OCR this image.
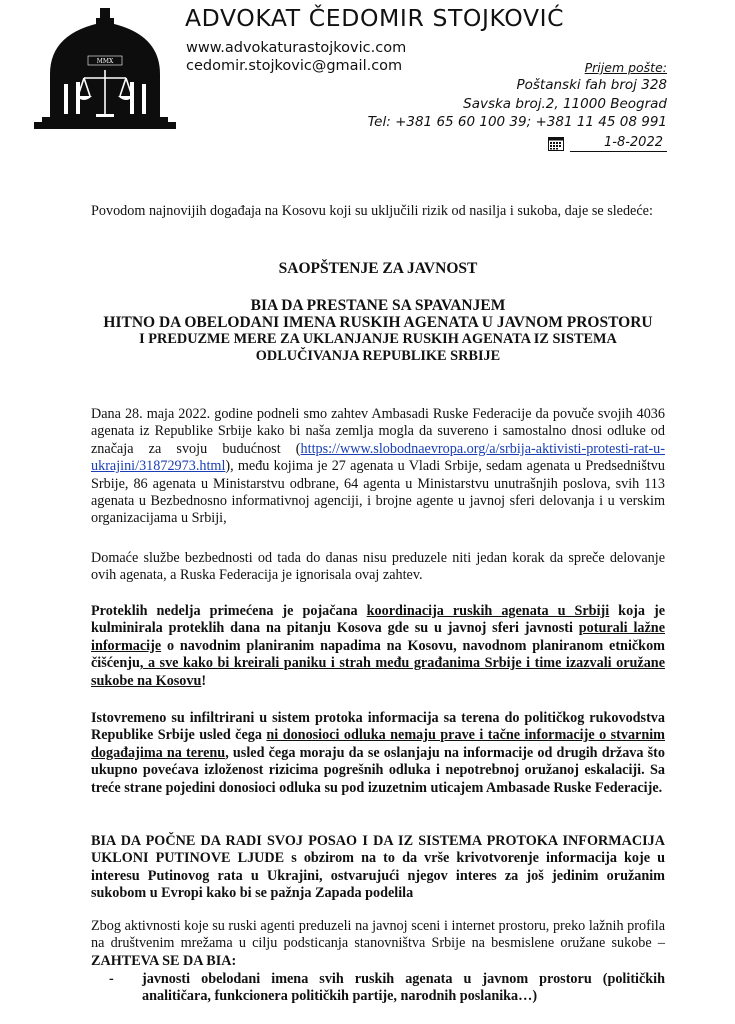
MMX
ADVOKAT ČEDOMIR STOJKOVIĆ
www.advokaturastojkovic.com
cedomir.stojkovic@gmail.com	Prijem pošte:
Poštanski fah broj 328
Savska broj.2, 11000 Beograd
Tel: +381 65 60 100 39; +381 11 45 08 991
1-8-2022
Povodom najnovijih događaja na Kosovu koji su uključili rizik od nasilja i sukoba, daje se sledeće:
SAOPŠTENJE ZA JAVNOST
BIA DA PRESTANE SA SPAVANJEM
HITNO DA OBELODANI IMENA RUSKIH AGENATA U JAVNOM PROSTORU
I PREDUZME MERE ZA UKLANJANJE RUSKIH AGENATA IZ SISTEMA ODLUČIVANJA REPUBLIKE SRBIJE
Dana 28. maja 2022. godine podneli smo zahtev Ambasadi Ruske Federacije da povuče svojih 4036 agenata iz Republike Srbije kako bi naša zemlja mogla da suvereno i samostalno dnosi odluke od značaja za svoju budućnost (https://www.slobodnaevropa.org/a/srbija-aktivisti-protesti-rat-u-ukrajini/31872973.html), među kojima je 27 agenata u Vladi Srbije, sedam agenata u Predsedništvu Srbije, 86 agenata u Ministarstvu odbrane, 64 agenta u Ministarstvu unutrašnjih poslova, svih 113 agenata u Bezbednosno informativnoj agenciji, i brojne agente u javnoj sferi delovanja i u verskim organizacijama u Srbiji,
Domaće službe bezbednosti od tada do danas nisu preduzele niti jedan korak da spreče delovanje ovih agenata, a Ruska Federacija je ignorisala ovaj zahtev.
Proteklih nedelja primećena je pojačana koordinacija ruskih agenata u Srbiji koja je kulminirala proteklih dana na pitanju Kosova gde su u javnoj sferi javnosti poturali lažne informacije o navodnim planiranim napadima na Kosovu, navodnom planiranom etničkom čišćenju, a sve kako bi kreirali paniku i strah među građanima Srbije i time izazvali oružane sukobe na Kosovu!
Istovremeno su infiltrirani u sistem protoka informacija sa terena do političkog rukovodstva Republike Srbije usled čega ni donosioci odluka nemaju prave i tačne informacije o stvarnim događajima na terenu, usled čega moraju da se oslanjaju na informacije od drugih država što ukupno povećava izloženost rizicima pogrešnih odluka i nepotrebnoj oružanoj eskalaciji. Sa treće strane pojedini donosioci odluka su pod izuzetnim uticajem Ambasade Ruske Federacije.
BIA DA POČNE DA RADI SVOJ POSAO I DA IZ SISTEMA PROTOKA INFORMACIJA UKLONI PUTINOVE LJUDE s obzirom na to da vrše krivotvorenje informacija koje u interesu Putinovog rata u Ukrajini, ostvarujući njegov interes za još jedinim oružanim sukobom u Evropi kako bi se pažnja Zapada podelila
Zbog aktivnosti koje su ruski agenti preduzeli na javnoj sceni i internet prostoru, preko lažnih profila na društvenim mrežama u cilju podsticanja stanovništva Srbije na besmislene oružane sukobe –ZAHTEVA SE DA BIA:
-	javnosti obelodani imena svih ruskih agenata u javnom prostoru (političkih analitičara, funkcionera političkih partije, narodnih poslanika…)
